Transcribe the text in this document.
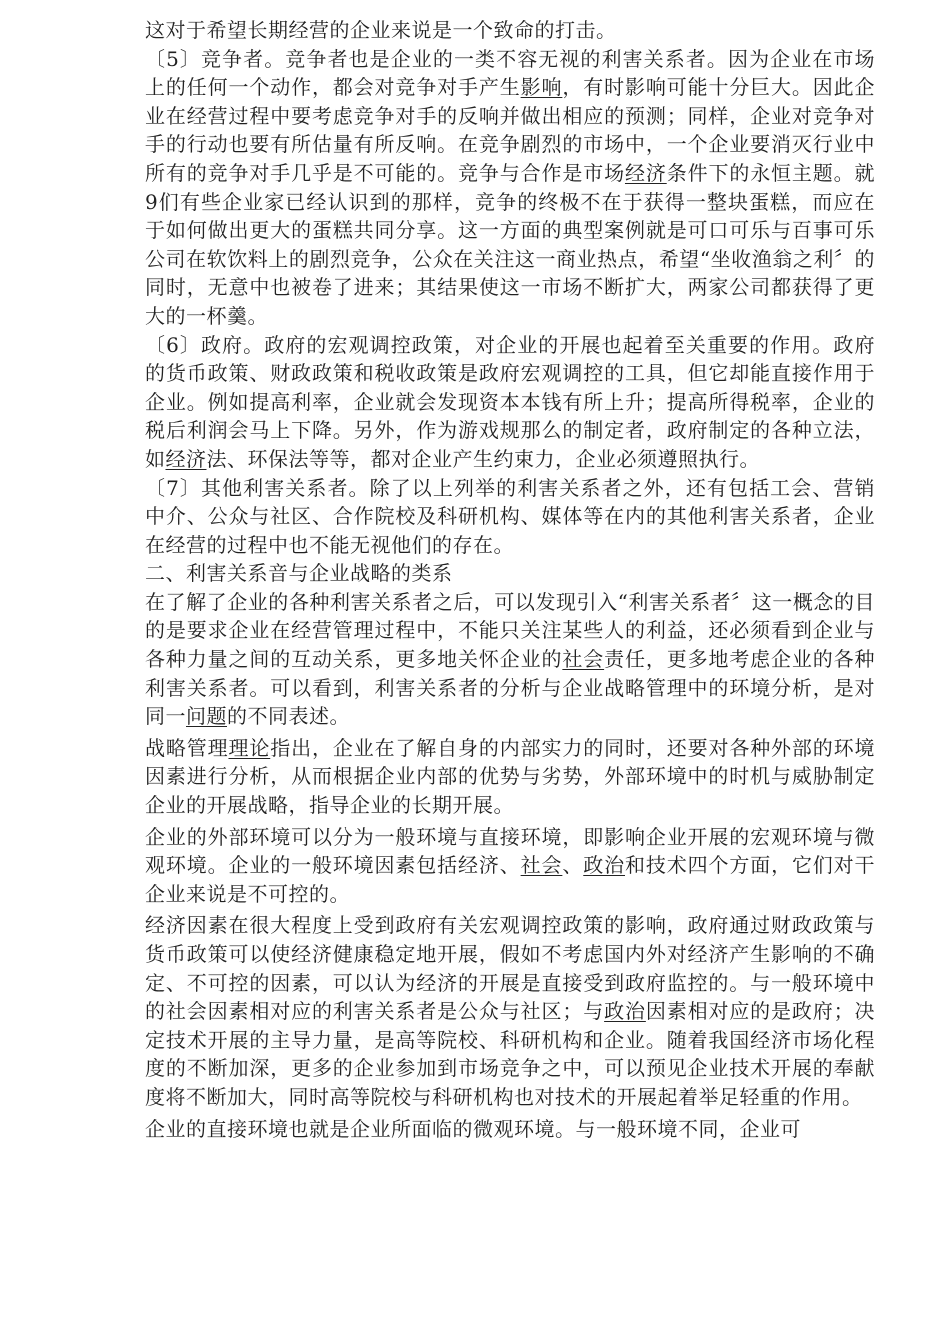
这对于希望长期经营的企业来说是一个致命的打击。

〔5〕竞争者。竞争者也是企业的一类不容无视的利害关系者。因为企业在市场上的任何一个动作，都会对竞争对手产生影响，有时影响可能十分巨大。因此企业在经营过程中要考虑竞争对手的反响并做出相应的预测；同样，企业对竞争对手的行动也要有所估量有所反响。在竞争剧烈的市场中，一个企业要消灭行业中所有的竞争对手几乎是不可能的。竞争与合作是市场经济条件下的永恒主题。就9们有些企业家已经认识到的那样，竞争的终极不在于获得一整块蛋糕，而应在于如何做出更大的蛋糕共同分享。这一方面的典型案例就是可口可乐与百事可乐公司在软饮料上的剧烈竞争，公众在关注这一商业热点，希望“坐收渔翁之利〞的同时，无意中也被卷了进来；其结果使这一市场不断扩大，两家公司都获得了更大的一杯羹。

〔6〕政府。政府的宏观调控政策，对企业的开展也起着至关重要的作用。政府的货币政策、财政政策和税收政策是政府宏观调控的工具，但它却能直接作用于企业。例如提高利率，企业就会发现资本本钱有所上升；提高所得税率，企业的税后利润会马上下降。另外，作为游戏规那么的制定者，政府制定的各种立法，如经济法、环保法等等，都对企业产生约束力，企业必须遵照执行。

〔7〕其他利害关系者。除了以上列举的利害关系者之外，还有包括工会、营销中介、公众与社区、合作院校及科研机构、媒体等在内的其他利害关系者，企业在经营的过程中也不能无视他们的存在。

二、利害关系音与企业战略的类系

在了解了企业的各种利害关系者之后，可以发现引入“利害关系者〞这一概念的目的是要求企业在经营管理过程中，不能只关注某些人的利益，还必须看到企业与各种力量之间的互动关系，更多地关怀企业的社会责任，更多地考虑企业的各种利害关系者。可以看到，利害关系者的分析与企业战略管理中的环境分析，是对同一问题的不同表述。

战略管理理论指出，企业在了解自身的内部实力的同时，还要对各种外部的环境因素进行分析，从而根据企业内部的优势与劣势，外部环境中的时机与威胁制定企业的开展战略，指导企业的长期开展。

企业的外部环境可以分为一般环境与直接环境，即影响企业开展的宏观环境与微观环境。企业的一般环境因素包括经济、社会、政治和技术四个方面，它们对干企业来说是不可控的。

经济因素在很大程度上受到政府有关宏观调控政策的影响，政府通过财政政策与货币政策可以使经济健康稳定地开展，假如不考虑国内外对经济产生影响的不确定、不可控的因素，可以认为经济的开展是直接受到政府监控的。与一般环境中的社会因素相对应的利害关系者是公众与社区；与政治因素相对应的是政府；决定技术开展的主导力量，是高等院校、科研机构和企业。随着我国经济市场化程度的不断加深，更多的企业参加到市场竞争之中，可以预见企业技术开展的奉献度将不断加大，同时高等院校与科研机构也对技术的开展起着举足轻重的作用。

企业的直接环境也就是企业所面临的微观环境。与一般环境不同，企业可
